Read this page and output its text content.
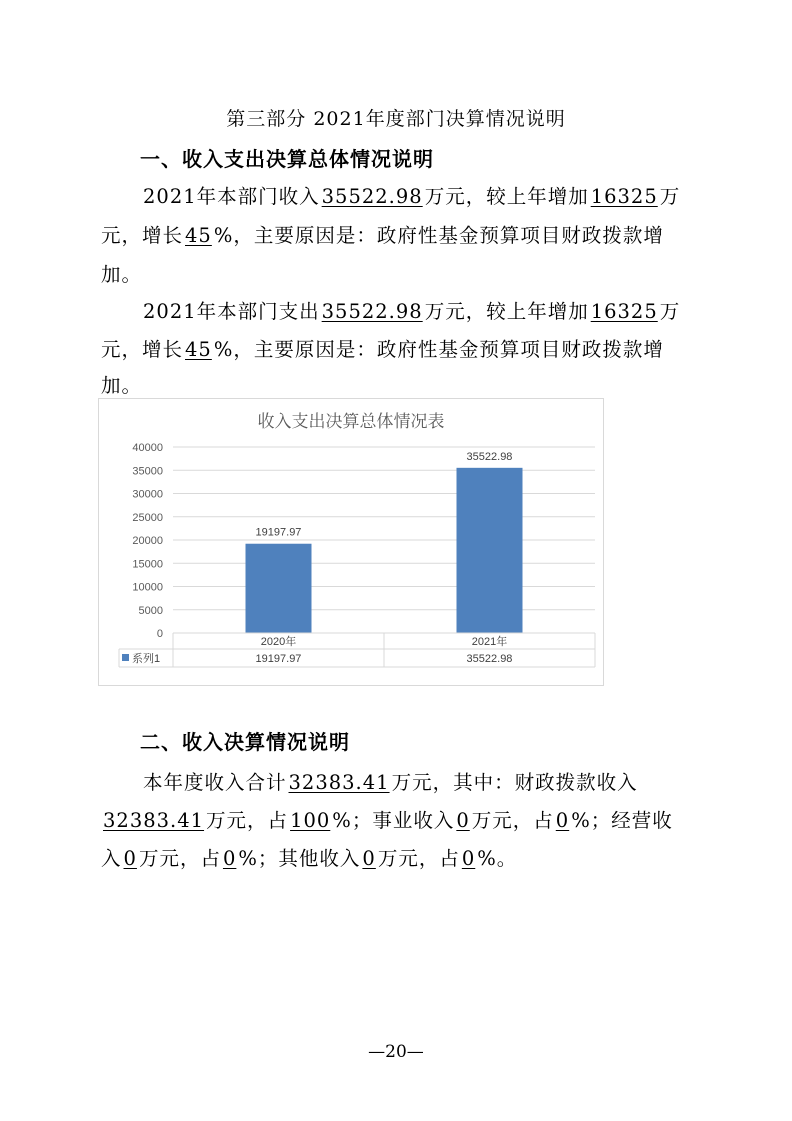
第三部分 2021年度部门决算情况说明
一、收入支出决算总体情况说明
2021年本部门收入 35522.98 万元，较上年增加 16325 万
元，增长 45 %，主要原因是：政府性基金预算项目财政拨款增
加。
2021年本部门支出 35522.98 万元，较上年增加 16325 万
元，增长 45 %，主要原因是：政府性基金预算项目财政拨款增
加。
收入支出决算总体情况表
0
5000
10000
15000
20000
25000
30000
35000
40000
19197.97
35522.98
2020年
19197.97
2021年
35522.98
系列1
二、收入决算情况说明
本年度收入合计 32383.41 万元，其中：财政拨款收入
32383.41 万元，占 100 %；事业收入 0 万元，占 0 %；经营收
入 0 万元，占 0 %；其他收入 0 万元，占 0 %。
—20—
